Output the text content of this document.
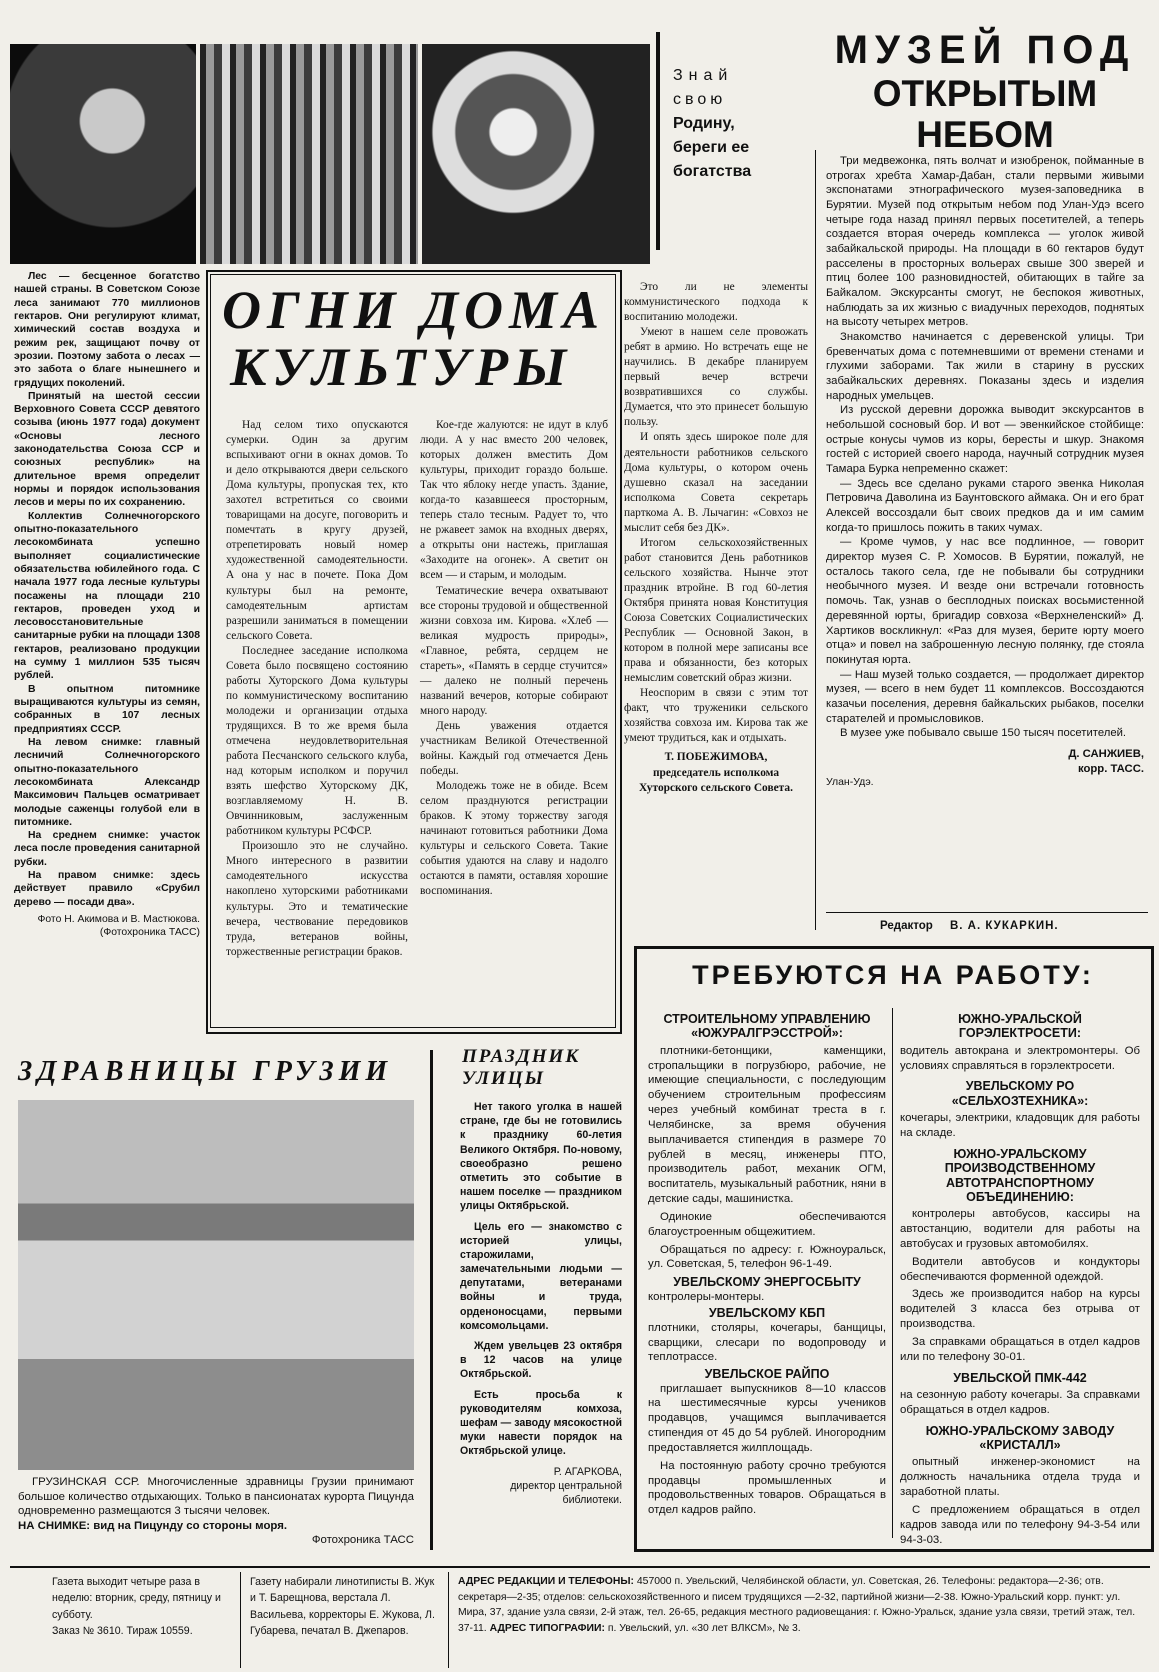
Знай
свою
Родину,
береги ее
богатства
МУЗЕЙ ПОД
ОТКРЫТЫМ НЕБОМ

Три медвежонка, пять волчат и изюбренок, пойманные в отрогах хребта Хамар-Дабан, стали первыми живыми экспонатами этнографического музея-заповедника в Бурятии. Музей под открытым небом под Улан-Удэ всего четыре года назад принял первых посетителей, а теперь создается вторая очередь комплекса — уголок живой забайкальской природы. На площади в 60 гектаров будут расселены в просторных вольерах свыше 300 зверей и птиц более 100 разновидностей, обитающих в тайге за Байкалом. Экскурсанты смогут, не беспокоя животных, наблюдать за их жизнью с виадучных переходов, поднятых на высоту четырех метров.

Знакомство начинается с деревенской улицы. Три бревенчатых дома с потемневшими от времени стенами и глухими заборами. Так жили в старину в русских забайкальских деревнях. Показаны здесь и изделия народных умельцев.

Из русской деревни дорожка выводит экскурсантов в небольшой сосновый бор. И вот — эвенкийское стойбище: острые конусы чумов из коры, бересты и шкур. Знакомя гостей с историей своего народа, научный сотрудник музея Тамара Бурка непременно скажет:

— Здесь все сделано руками старого эвенка Николая Петровича Даволина из Баунтовского аймака. Он и его брат Алексей воссоздали быт своих предков да и им самим когда-то пришлось пожить в таких чумах.

— Кроме чумов, у нас все подлинное, — говорит директор музея С. Р. Хомосов. В Бурятии, пожалуй, не осталось такого села, где не побывали бы сотрудники необычного музея. И везде они встречали готовность помочь. Так, узнав о бесплодных поисках восьмистенной деревянной юрты, бригадир совхоза «Верхнеленский» Д. Хартиков воскликнул: «Раз для музея, берите юрту моего отца» и повел на заброшенную лесную полянку, где стояла покинутая юрта.

— Наш музей только создается, — продолжает директор музея, — всего в нем будет 11 комплексов. Воссоздаются казачьи поселения, деревня байкальских рыбаков, поселки старателей и промысловиков.

В музее уже побывало свыше 150 тысяч посетителей.

Д. САНЖИЕВ,
корр. ТАСС.
Улан-Удэ.
Редактор В. А. КУКАРКИН.

Лес — бесценное богатство нашей страны. В Советском Союзе леса занимают 770 миллионов гектаров. Они регулируют климат, химический состав воздуха и режим рек, защищают почву от эрозии. Поэтому забота о лесах — это забота о благе нынешнего и грядущих поколений.

Принятый на шестой сессии Верховного Совета СССР девятого созыва (июнь 1977 года) документ «Основы лесного законодательства Союза ССР и союзных республик» на длительное время определит нормы и порядок использования лесов и меры по их сохранению.

Коллектив Солнечногорского опытно-показательного лесокомбината успешно выполняет социалистические обязательства юбилейного года. С начала 1977 года лесные культуры посажены на площади 210 гектаров, проведен уход и лесовосстановительные санитарные рубки на площади 1308 гектаров, реализовано продукции на сумму 1 миллион 535 тысяч рублей.

В опытном питомнике выращиваются культуры из семян, собранных в 107 лесных предприятиях СССР.

На левом снимке: главный лесничий Солнечногорского опытно-показательного лесокомбината Александр Максимович Пальцев осматривает молодые саженцы голубой ели в питомнике.

На среднем снимке: участок леса после проведения санитарной рубки.

На правом снимке: здесь действует правило «Срубил дерево — посади два».

Фото Н. Акимова и В. Мастюкова.
(Фотохроника ТАСС)
ОГНИ ДОМА
КУЛЬТУРЫ

Над селом тихо опускаются сумерки. Один за другим вспыхивают огни в окнах домов. То и дело открываются двери сельского Дома культуры, пропуская тех, кто захотел встретиться со своими товарищами на досуге, поговорить и помечтать в кругу друзей, отрепетировать новый номер художественной самодеятельности. А она у нас в почете. Пока Дом культуры был на ремонте, самодеятельным артистам разрешили заниматься в помещении сельского Совета.

Последнее заседание исполкома Совета было посвящено состоянию работы Хуторского Дома культуры по коммунистическому воспитанию молодежи и организации отдыха трудящихся. В то же время была отмечена неудовлетворительная работа Песчанского сельского клуба, над которым исполком и поручил взять шефство Хуторскому ДК, возглавляемому Н. В. Овчинниковым, заслуженным работником культуры РСФСР.

Произошло это не случайно. Много интересного в развитии самодеятельного искусства накоплено хуторскими работниками культуры. Это и тематические вечера, чествование передовиков труда, ветеранов войны, торжественные регистрации браков.

Кое-где жалуются: не идут в клуб люди. А у нас вместо 200 человек, которых должен вместить Дом культуры, приходит гораздо больше. Так что яблоку негде упасть. Здание, когда-то казавшееся просторным, теперь стало тесным. Радует то, что не ржавеет замок на входных дверях, а открыты они настежь, приглашая «Заходите на огонек». А светит он всем — и старым, и молодым.

Тематические вечера охватывают все стороны трудовой и общественной жизни совхоза им. Кирова. «Хлеб — великая мудрость природы», «Главное, ребята, сердцем не стареть», «Память в сердце стучится» — далеко не полный перечень названий вечеров, которые собирают много народу.

День уважения отдается участникам Великой Отечественной войны. Каждый год отмечается День победы.

Молодежь тоже не в обиде. Всем селом празднуются регистрации браков. К этому торжеству загодя начинают готовиться работники Дома культуры и сельского Совета. Такие события удаются на славу и надолго остаются в памяти, оставляя хорошие воспоминания.

Это ли не элементы коммунистического подхода к воспитанию молодежи.

Умеют в нашем селе провожать ребят в армию. Но встречать еще не научились. В декабре планируем первый вечер встречи возвратившихся со службы. Думается, что это принесет большую пользу.

И опять здесь широкое поле для деятельности работников сельского Дома культуры, о котором очень душевно сказал на заседании исполкома Совета секретарь парткома А. В. Лычагин: «Совхоз не мыслит себя без ДК».

Итогом сельскохозяйственных работ становится День работников сельского хозяйства. Нынче этот праздник втройне. В год 60-летия Октября принята новая Конституция Союза Советских Социалистических Республик — Основной Закон, в котором в полной мере записаны все права и обязанности, без которых немыслим советский образ жизни.

Неоспорим в связи с этим тот факт, что труженики сельского хозяйства совхоза им. Кирова так же умеют трудиться, как и отдыхать.

Т. ПОБЕЖИМОВА,
председатель исполкома Хуторского сельского Совета.
ЗДРАВНИЦЫ ГРУЗИИ

ГРУЗИНСКАЯ ССР. Многочисленные здравницы Грузии принимают большое количество отдыхающих. Только в пансионатах курорта Пицунда одновременно размещаются 3 тысячи человек.

НА СНИМКЕ: вид на Пицунду со стороны моря.
Фотохроника ТАСС
ПРАЗДНИК
УЛИЦЫ

Нет такого уголка в нашей стране, где бы не готовились к празднику 60-летия Великого Октября. По-новому, своеобразно решено отметить это событие в нашем поселке — праздником улицы Октябрьской.

Цель его — знакомство с историей улицы, старожилами, замечательными людьми — депутатами, ветеранами войны и труда, орденоносцами, первыми комсомольцами.

Ждем увельцев 23 октября в 12 часов на улице Октябрьской.

Есть просьба к руководителям комхоза, шефам — заводу мясокостной муки навести порядок на Октябрьской улице.

Р. АГАРКОВА,
директор центральной библиотеки.
ТРЕБУЮТСЯ НА РАБОТУ:
СТРОИТЕЛЬНОМУ УПРАВЛЕНИЮ «ЮЖУРАЛГРЭССТРОЙ»:

плотники-бетонщики, каменщики, стропальщики в погрузбюро, рабочие, не имеющие специальности, с последующим обучением строительным профессиям через учебный комбинат треста в г. Челябинске, за время обучения выплачивается стипендия в размере 70 рублей в месяц, инженеры ПТО, производитель работ, механик ОГМ, воспитатель, музыкальный работник, няни в детские сады, машинистка.

Одинокие обеспечиваются благоустроенным общежитием.

Обращаться по адресу: г. Южноуральск, ул. Советская, 5, телефон 96-1-49.

УВЕЛЬСКОМУ ЭНЕРГОСБЫТУ
контролеры-монтеры.
УВЕЛЬСКОМУ КБП
плотники, столяры, кочегары, банщицы, сварщики, слесари по водопроводу и теплотрассе.
УВЕЛЬСКОЕ РАЙПО

приглашает выпускников 8—10 классов на шестимесячные курсы учеников продавцов, учащимся выплачивается стипендия от 45 до 54 рублей. Иногородним предоставляется жилплощадь.

На постоянную работу срочно требуются продавцы промышленных и продовольственных товаров. Обращаться в отдел кадров райпо.

ЮЖНО-УРАЛЬСКОЙ ГОРЭЛЕКТРОСЕТИ:
водитель автокрана и электромонтеры. Об условиях справляться в горэлектросети.
УВЕЛЬСКОМУ РО «СЕЛЬХОЗТЕХНИКА»:
кочегары, электрики, кладовщик для работы на складе.
ЮЖНО-УРАЛЬСКОМУ ПРОИЗВОДСТВЕННОМУ АВТОТРАНСПОРТНОМУ ОБЪЕДИНЕНИЮ:

контролеры автобусов, кассиры на автостанцию, водители для работы на автобусах и грузовых автомобилях.

Водители автобусов и кондукторы обеспечиваются форменной одеждой.

Здесь же производится набор на курсы водителей 3 класса без отрыва от производства.

За справками обращаться в отдел кадров или по телефону 30-01.

УВЕЛЬСКОЙ ПМК-442
на сезонную работу кочегары. За справками обращаться в отдел кадров.
ЮЖНО-УРАЛЬСКОМУ ЗАВОДУ «КРИСТАЛЛ»

опытный инженер-экономист на должность начальника отдела труда и заработной платы.

С предложением обращаться в отдел кадров завода или по телефону 94-3-54 или 94-3-03.

Газета выходит четыре раза в неделю: вторник, среду, пятницу и субботу.
Заказ № 3610. Тираж 10559.
Газету набирали линотиписты В. Жук и Т. Барещнова, верстала Л. Васильева, корректоры Е. Жукова, Л. Губарева, печатал В. Джепаров.
АДРЕС РЕДАКЦИИ И ТЕЛЕФОНЫ: 457000 п. Увельский, Челябинской области, ул. Советская, 26. Телефоны: редактора—2-36; отв. секретаря—2-35; отделов: сельскохозяйственного и писем трудящихся —2-32, партийной жизни—2-38. Южно-Уральский корр. пункт: ул. Мира, 37, здание узла связи, 2-й этаж, тел. 26-65, редакция местного радиовещания: г. Южно-Уральск, здание узла связи, третий этаж, тел. 37-11. АДРЕС ТИПОГРАФИИ: п. Увельский, ул. «30 лет ВЛКСМ», № 3.
